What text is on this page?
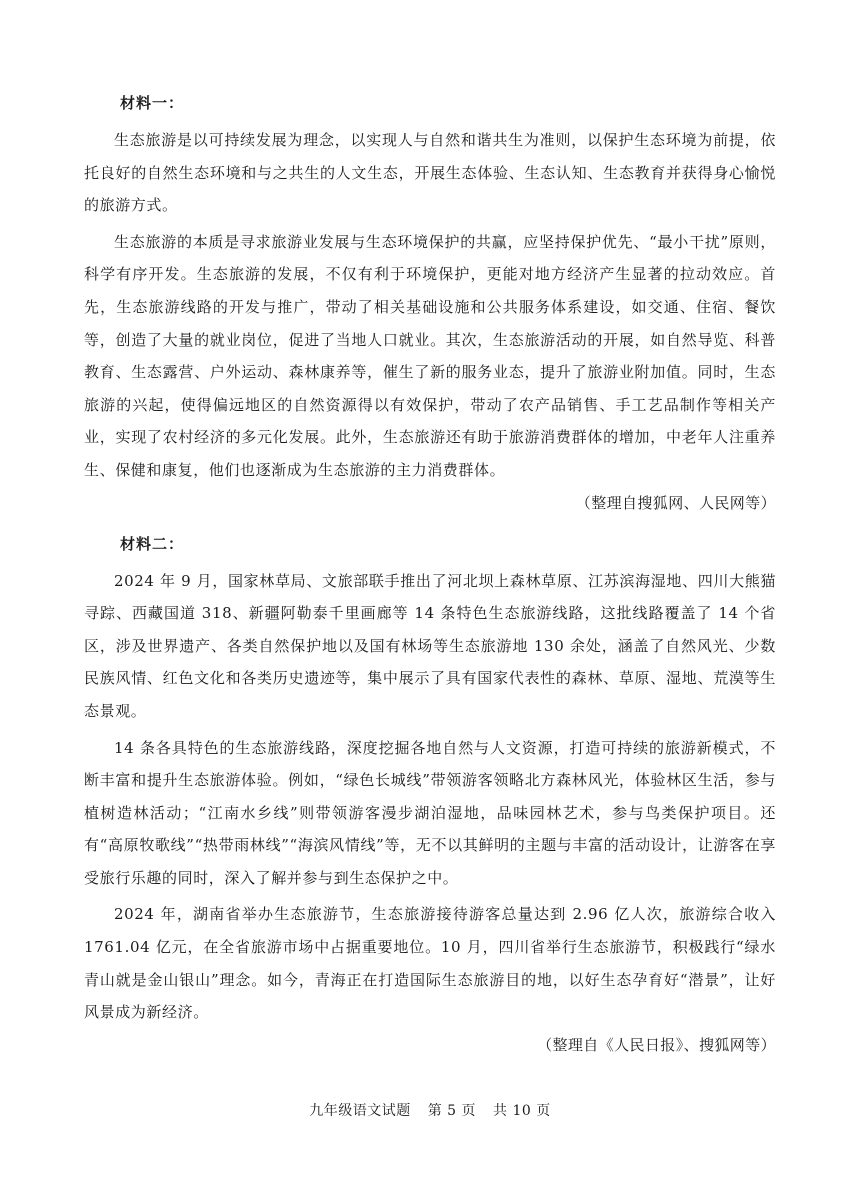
材料一：

生态旅游是以可持续发展为理念，以实现人与自然和谐共生为准则，以保护生态环境为前提，依托良好的自然生态环境和与之共生的人文生态，开展生态体验、生态认知、生态教育并获得身心愉悦的旅游方式。

生态旅游的本质是寻求旅游业发展与生态环境保护的共赢，应坚持保护优先、“最小干扰”原则，科学有序开发。生态旅游的发展，不仅有利于环境保护，更能对地方经济产生显著的拉动效应。首先，生态旅游线路的开发与推广，带动了相关基础设施和公共服务体系建设，如交通、住宿、餐饮等，创造了大量的就业岗位，促进了当地人口就业。其次，生态旅游活动的开展，如自然导览、科普教育、生态露营、户外运动、森林康养等，催生了新的服务业态，提升了旅游业附加值。同时，生态旅游的兴起，使得偏远地区的自然资源得以有效保护，带动了农产品销售、手工艺品制作等相关产业，实现了农村经济的多元化发展。此外，生态旅游还有助于旅游消费群体的增加，中老年人注重养生、保健和康复，他们也逐渐成为生态旅游的主力消费群体。

（整理自搜狐网、人民网等）

材料二：

2024 年 9 月，国家林草局、文旅部联手推出了河北坝上森林草原、江苏滨海湿地、四川大熊猫寻踪、西藏国道 318、新疆阿勒泰千里画廊等 14 条特色生态旅游线路，这批线路覆盖了 14 个省区，涉及世界遗产、各类自然保护地以及国有林场等生态旅游地 130 余处，涵盖了自然风光、少数民族风情、红色文化和各类历史遗迹等，集中展示了具有国家代表性的森林、草原、湿地、荒漠等生态景观。

14 条各具特色的生态旅游线路，深度挖掘各地自然与人文资源，打造可持续的旅游新模式，不断丰富和提升生态旅游体验。例如，“绿色长城线”带领游客领略北方森林风光，体验林区生活，参与植树造林活动；“江南水乡线”则带领游客漫步湖泊湿地，品味园林艺术，参与鸟类保护项目。还有“高原牧歌线”“热带雨林线”“海滨风情线”等，无不以其鲜明的主题与丰富的活动设计，让游客在享受旅行乐趣的同时，深入了解并参与到生态保护之中。

2024 年，湖南省举办生态旅游节，生态旅游接待游客总量达到 2.96 亿人次，旅游综合收入 1761.04 亿元，在全省旅游市场中占据重要地位。10 月，四川省举行生态旅游节，积极践行“绿水青山就是金山银山”理念。如今，青海正在打造国际生态旅游目的地，以好生态孕育好“潜景”，让好风景成为新经济。

（整理自《人民日报》、搜狐网等）

九年级语文试题 第 5 页 共 10 页
